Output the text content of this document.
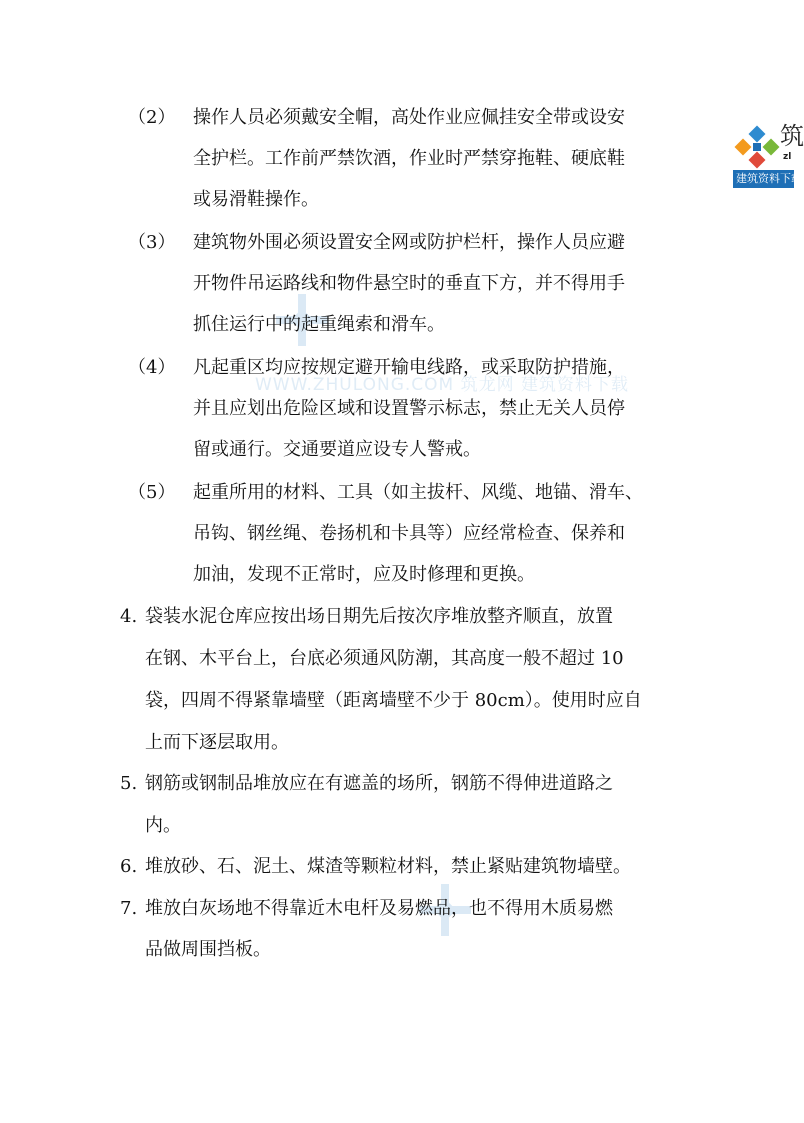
WWW.ZHULONG.COM 筑龙网 建筑资料下载
筑
zl
建筑资料下载
（2） 操作人员必须戴安全帽，高处作业应佩挂安全带或设安
全护栏。工作前严禁饮酒，作业时严禁穿拖鞋、硬底鞋
或易滑鞋操作。
（3） 建筑物外围必须设置安全网或防护栏杆，操作人员应避
开物件吊运路线和物件悬空时的垂直下方，并不得用手
抓住运行中的起重绳索和滑车。
（4） 凡起重区均应按规定避开输电线路，或采取防护措施，
并且应划出危险区域和设置警示标志，禁止无关人员停
留或通行。交通要道应设专人警戒。
（5） 起重所用的材料、工具（如主拔杆、风缆、地锚、滑车、
吊钩、钢丝绳、卷扬机和卡具等）应经常检查、保养和
加油，发现不正常时，应及时修理和更换。
4. 袋装水泥仓库应按出场日期先后按次序堆放整齐顺直，放置
在钢、木平台上，台底必须通风防潮，其高度一般不超过 10
袋，四周不得紧靠墙壁（距离墙壁不少于 80cm）。使用时应自
上而下逐层取用。
5. 钢筋或钢制品堆放应在有遮盖的场所，钢筋不得伸进道路之
内。
6. 堆放砂、石、泥土、煤渣等颗粒材料，禁止紧贴建筑物墙壁。
7. 堆放白灰场地不得靠近木电杆及易燃品，也不得用木质易燃
品做周围挡板。
